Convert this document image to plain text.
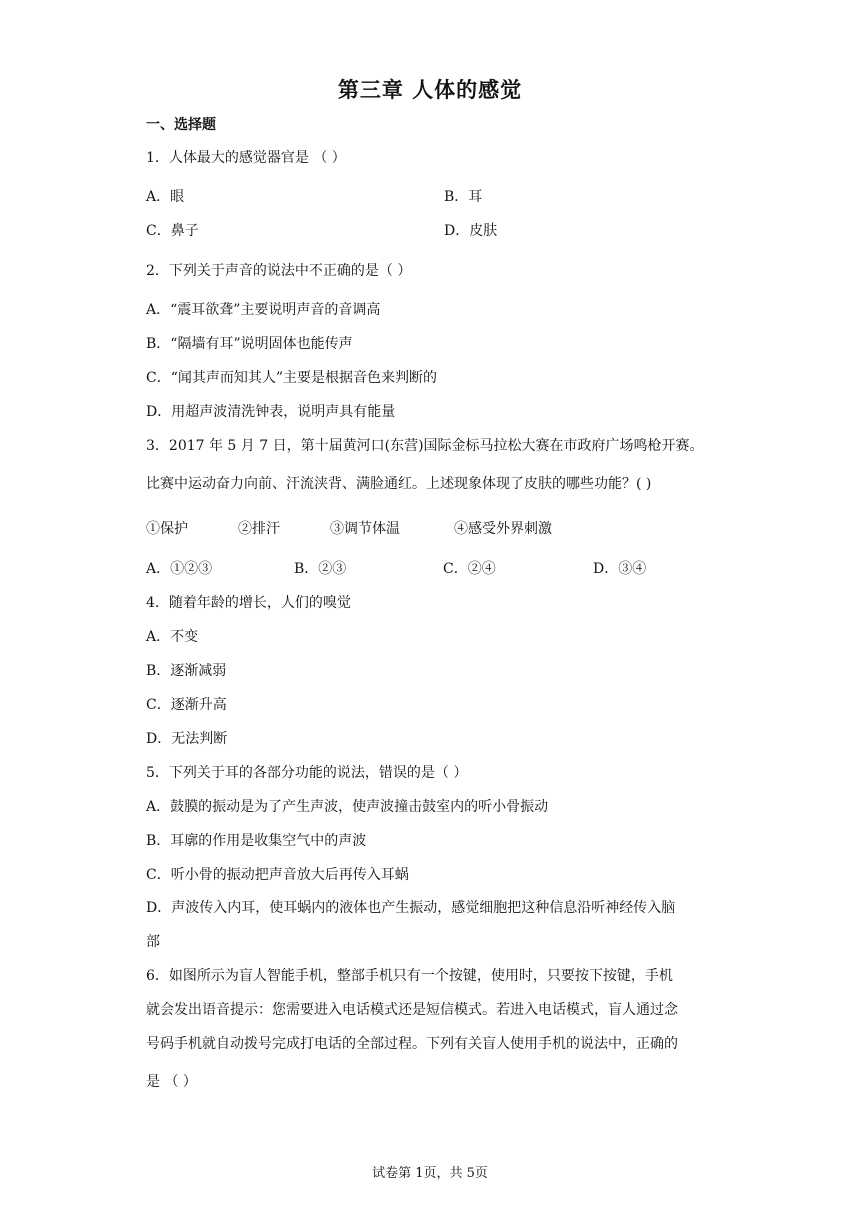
第三章 人体的感觉
一、选择题
1．人体最大的感觉器官是 （ ）
A．眼	B．耳
C．鼻子	D．皮肤
2．下列关于声音的说法中不正确的是（ ）
A．“震耳欲聋”主要说明声音的音调高
B．“隔墙有耳”说明固体也能传声
C．“闻其声而知其人”主要是根据音色来判断的
D．用超声波清洗钟表，说明声具有能量
3．2017 年 5 月 7 日，第十届黄河口(东营)国际金标马拉松大赛在市政府广场鸣枪开赛。
比赛中运动奋力向前、汗流浃背、满脸通红。上述现象体现了皮肤的哪些功能？( )
①保护	②排汗	③调节体温	④感受外界刺激
A．①②③	B．②③	C．②④	D．③④
4．随着年龄的增长，人们的嗅觉
A．不变
B．逐渐减弱
C．逐渐升高
D．无法判断
5．下列关于耳的各部分功能的说法，错误的是（ ）
A．鼓膜的振动是为了产生声波，使声波撞击鼓室内的听小骨振动
B．耳廓的作用是收集空气中的声波
C．听小骨的振动把声音放大后再传入耳蜗
D．声波传入内耳，使耳蜗内的液体也产生振动，感觉细胞把这种信息沿听神经传入脑
部
6．如图所示为盲人智能手机，整部手机只有一个按键，使用时，只要按下按键，手机
就会发出语音提示：您需要进入电话模式还是短信模式。若进入电话模式，盲人通过念
号码手机就自动拨号完成打电话的全部过程。下列有关盲人使用手机的说法中，正确的
是 （ ）
试卷第 1页，共 5页
